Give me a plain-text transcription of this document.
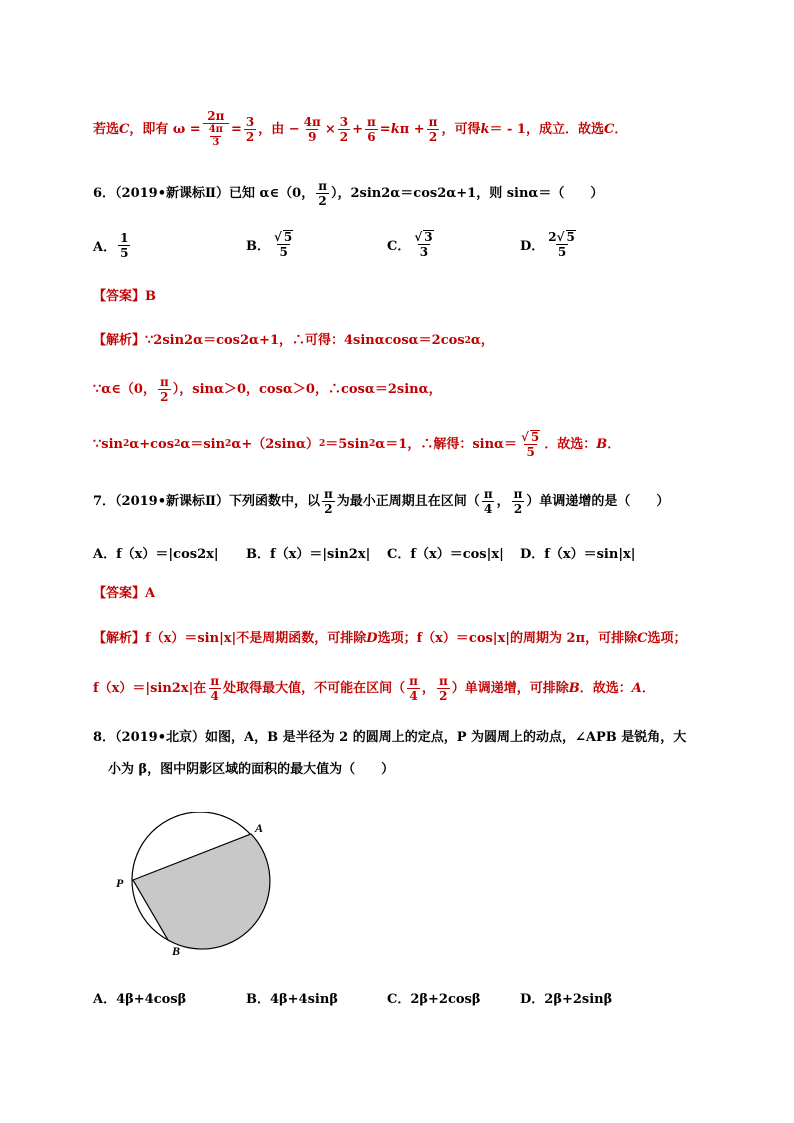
若选 C ，即有 $\omega = \frac{2\pi}{\frac{4\pi}{3}} = \frac{3}{2}$ ，由 − $\frac{4\pi}{9} \times \frac{3}{2} + \frac{\pi}{6} = k$ $\pi + \frac{\pi}{2}$ ，可得 k ＝ - 1，成立．故选 C ．
6．（2019•新课标Ⅱ）已知 α∈（0， $\frac{\pi}{2}$ ），2sin2α＝cos2α+1，则 sinα＝（　　）
A． $\frac{1}{5}$	B． $\frac{√ 5}{5}$	C． $\frac{√ 3}{3}$	D． $\frac{2√ 5}{5}$
【答案】B
【解析】 ∵2sin2α＝cos2α+1，∴可得：4sinαcosα＝2cos 2 α，
∵α∈（0， $\frac{\pi}{2}$ ），sinα＞0，cosα＞0，∴cosα＝2sinα，
∵sin 2 α+cos 2 α＝sin 2 α+（2sinα） 2 ＝5sin 2 α＝1，∴解得：$\sin\alpha= \frac{√ 5}{5}$ ．故选： B ．
7．（2019•新课标Ⅱ）下列函数中，以 $\frac{\pi}{2}$ 为最小正周期且在区间（ $\frac{\pi}{4}$ ， $\frac{\pi}{2}$ ）单调递增的是（　　）
A．f（x）＝|cos2x| B．f（x）＝|sin2x| C．f（x）＝cos|x| D．f（x）＝sin|x|
【答案】A
【解析】 f（x）＝sin|x|不是周期函数，可排除 D 选项；f（x）＝cos|x|的周期为 2π，可排除 C 选项；
f（x）＝|sin2x|在 $\frac{\pi}{4}$ 处取得最大值，不可能在区间（ $\frac{\pi}{4}$ ， $\frac{\pi}{2}$ ）单调递增，可排除 B ．故选： A ．
8．（2019•北京）如图，A，B 是半径为 2 的圆周上的定点，P 为圆周上的动点，∠APB 是锐角，大
小为 β，图中阴影区域的面积的最大值为（　　）
A
P
B
A．4β+4cosβ	B．4β+4sinβ	C．2β+2cosβ	D．2β+2sinβ
